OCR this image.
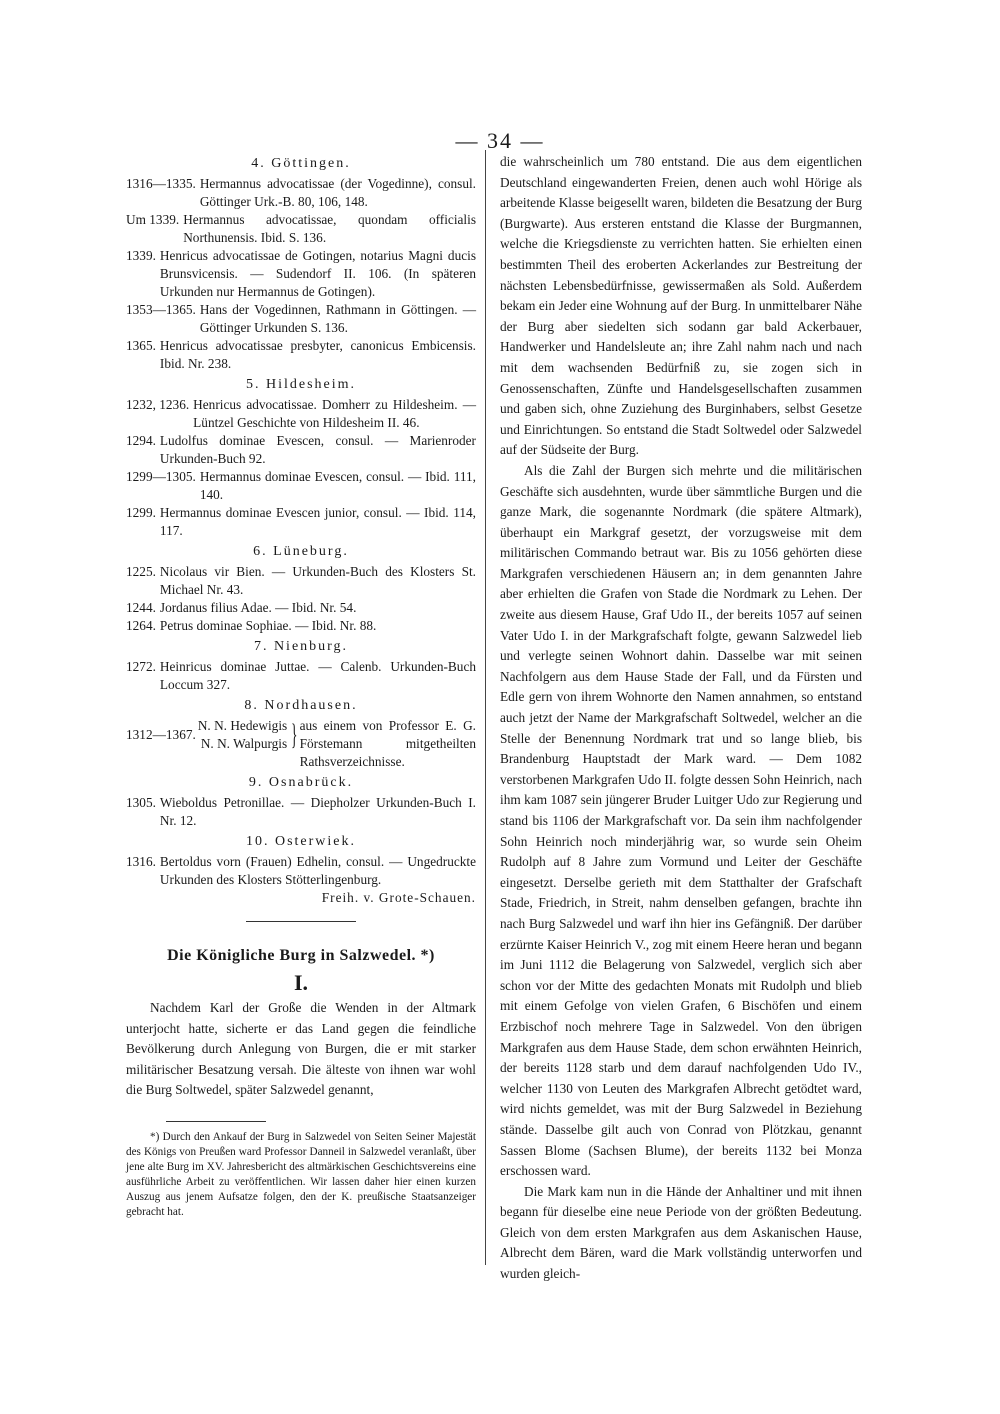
— 34 —
4. Göttingen.
1316—1335. Hermannus advocatissae (der Vogedinne), consul. Göttinger Urk.-B. 80, 106, 148.
Um 1339. Hermannus advocatissae, quondam officialis Northunensis. Ibid. S. 136.
1339. Henricus advocatissae de Gotingen, notarius Magni ducis Brunsvicensis. — Sudendorf II. 106. (In späteren Urkunden nur Hermannus de Gotingen).
1353—1365. Hans der Vogedinnen, Rathmann in Göttingen. — Göttinger Urkunden S. 136.
1365. Henricus advocatissae presbyter, canonicus Embicensis. Ibid. Nr. 238.
5. Hildesheim.
1232, 1236. Henricus advocatissae. Domherr zu Hildesheim. — Lüntzel Geschichte von Hildesheim II. 46.
1294. Ludolfus dominae Evescen, consul. — Marienroder Urkunden-Buch 92.
1299—1305. Hermannus dominae Evescen, consul. — Ibid. 111, 140.
1299. Hermannus dominae Evescen junior, consul. — Ibid. 114, 117.
6. Lüneburg.
1225. Nicolaus vir Bien. — Urkunden-Buch des Klosters St. Michael Nr. 43.
1244. Jordanus filius Adae. — Ibid. Nr. 54.
1264. Petrus dominae Sophiae. — Ibid. Nr. 88.
7. Nienburg.
1272. Heinricus dominae Juttae. — Calenb. Urkunden-Buch Loccum 327.
8. Nordhausen.
1312—1367.
N. N. Hedewigis
N. N. Walpurgis } aus einem von Professor E. G. Förstemann mitgetheilten Rathsverzeichnisse.
9. Osnabrück.
1305. Wieboldus Petronillae. — Diepholzer Urkunden-Buch I. Nr. 12.
10. Osterwiek.
1316. Bertoldus vorn (Frauen) Edhelin, consul. — Ungedruckte Urkunden des Klosters Stötterlingenburg.
Freih. v. Grote-Schauen.
Die Königliche Burg in Salzwedel. *)
I.

Nachdem Karl der Große die Wenden in der Altmark unterjocht hatte, sicherte er das Land gegen die feindliche Bevölkerung durch Anlegung von Burgen, die er mit starker militärischer Besatzung versah. Die älteste von ihnen war wohl die Burg Soltwedel, später Salzwedel genannt,

*) Durch den Ankauf der Burg in Salzwedel von Seiten Seiner Majestät des Königs von Preußen ward Professor Danneil in Salzwedel veranlaßt, über jene alte Burg im XV. Jahresbericht des altmärkischen Geschichtsvereins eine ausführliche Arbeit zu veröffentlichen. Wir lassen daher hier einen kurzen Auszug aus jenem Aufsatze folgen, den der K. preußische Staatsanzeiger gebracht hat.

die wahrscheinlich um 780 entstand. Die aus dem eigentlichen Deutschland eingewanderten Freien, denen auch wohl Hörige als arbeitende Klasse beigesellt waren, bildeten die Besatzung der Burg (Burgwarte). Aus ersteren entstand die Klasse der Burgmannen, welche die Kriegsdienste zu verrichten hatten. Sie erhielten einen bestimmten Theil des eroberten Ackerlandes zur Bestreitung der nächsten Lebensbedürfnisse, gewissermaßen als Sold. Außerdem bekam ein Jeder eine Wohnung auf der Burg. In unmittelbarer Nähe der Burg aber siedelten sich sodann gar bald Ackerbauer, Handwerker und Handelsleute an; ihre Zahl nahm nach und nach mit dem wachsenden Bedürfniß zu, sie zogen sich in Genossenschaften, Zünfte und Handelsgesellschaften zusammen und gaben sich, ohne Zuziehung des Burginhabers, selbst Gesetze und Einrichtungen. So entstand die Stadt Soltwedel oder Salzwedel auf der Südseite der Burg.

Als die Zahl der Burgen sich mehrte und die militärischen Geschäfte sich ausdehnten, wurde über sämmtliche Burgen und die ganze Mark, die sogenannte Nordmark (die spätere Altmark), überhaupt ein Markgraf gesetzt, der vorzugsweise mit dem militärischen Commando betraut war. Bis zu 1056 gehörten diese Markgrafen verschiedenen Häusern an; in dem genannten Jahre aber erhielten die Grafen von Stade die Nordmark zu Lehen. Der zweite aus diesem Hause, Graf Udo II., der bereits 1057 auf seinen Vater Udo I. in der Markgrafschaft folgte, gewann Salzwedel lieb und verlegte seinen Wohnort dahin. Dasselbe war mit seinen Nachfolgern aus dem Hause Stade der Fall, und da Fürsten und Edle gern von ihrem Wohnorte den Namen annahmen, so entstand auch jetzt der Name der Markgrafschaft Soltwedel, welcher an die Stelle der Benennung Nordmark trat und so lange blieb, bis Brandenburg Hauptstadt der Mark ward. — Dem 1082 verstorbenen Markgrafen Udo II. folgte dessen Sohn Heinrich, nach ihm kam 1087 sein jüngerer Bruder Luitger Udo zur Regierung und stand bis 1106 der Markgrafschaft vor. Da sein ihm nachfolgender Sohn Heinrich noch minderjährig war, so wurde sein Oheim Rudolph auf 8 Jahre zum Vormund und Leiter der Geschäfte eingesetzt. Derselbe gerieth mit dem Statthalter der Grafschaft Stade, Friedrich, in Streit, nahm denselben gefangen, brachte ihn nach Burg Salzwedel und warf ihn hier ins Gefängniß. Der darüber erzürnte Kaiser Heinrich V., zog mit einem Heere heran und begann im Juni 1112 die Belagerung von Salzwedel, verglich sich aber schon vor der Mitte des gedachten Monats mit Rudolph und blieb mit einem Gefolge von vielen Grafen, 6 Bischöfen und einem Erzbischof noch mehrere Tage in Salzwedel. Von den übrigen Markgrafen aus dem Hause Stade, dem schon erwähnten Heinrich, der bereits 1128 starb und dem darauf nachfolgenden Udo IV., welcher 1130 von Leuten des Markgrafen Albrecht getödtet ward, wird nichts gemeldet, was mit der Burg Salzwedel in Beziehung stände. Dasselbe gilt auch von Conrad von Plötzkau, genannt Sassen Blome (Sachsen Blume), der bereits 1132 bei Monza erschossen ward.

Die Mark kam nun in die Hände der Anhaltiner und mit ihnen begann für dieselbe eine neue Periode von der größten Bedeutung. Gleich von dem ersten Markgrafen aus dem Askanischen Hause, Albrecht dem Bären, ward die Mark vollständig unterworfen und wurden gleich-
